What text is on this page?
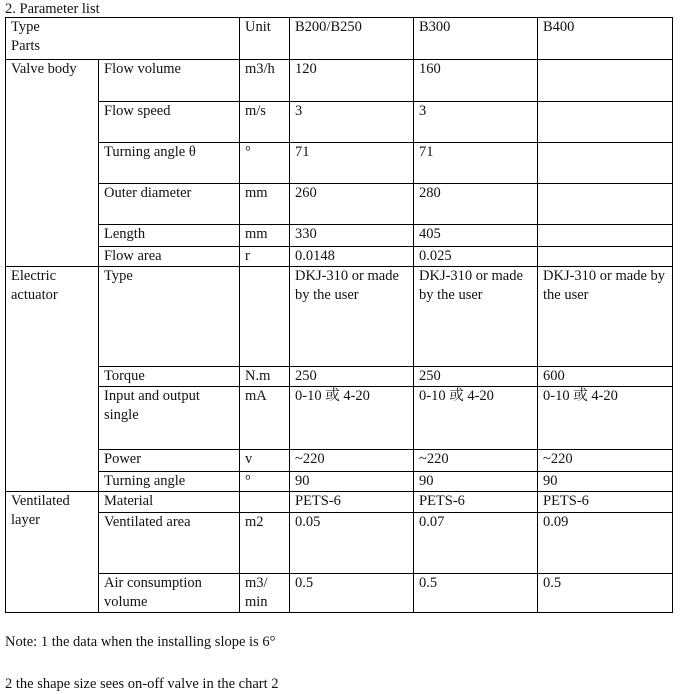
2. Parameter list
Type
Parts		Unit	B200/B250	B300	B400
Valve body	Flow volume	m3/h	120	160	
	Flow speed	m/s	3	3	
	Turning angle θ	°	71	71	
	Outer diameter	mm	260	280	
	Length	mm	330	405	
	Flow area	r	0.0148	0.025	
Electric actuator	Type		DKJ-310 or made by the user	DKJ-310 or made by the user	DKJ-310 or made by the user
	Torque	N.m	250	250	600
	Input and output single	mA	0-10 或 4-20	0-10 或 4-20	0-10 或 4-20
	Power	v	~220	~220	~220
	Turning angle	°	90	90	90
Ventilated layer	Material		PETS-6	PETS-6	PETS-6
	Ventilated area	m2	0.05	0.07	0.09
	Air consumption volume	m3/ min	0.5	0.5	0.5
Note: 1 the data when the installing slope is 6°
2 the shape size sees on-off valve in the chart 2
